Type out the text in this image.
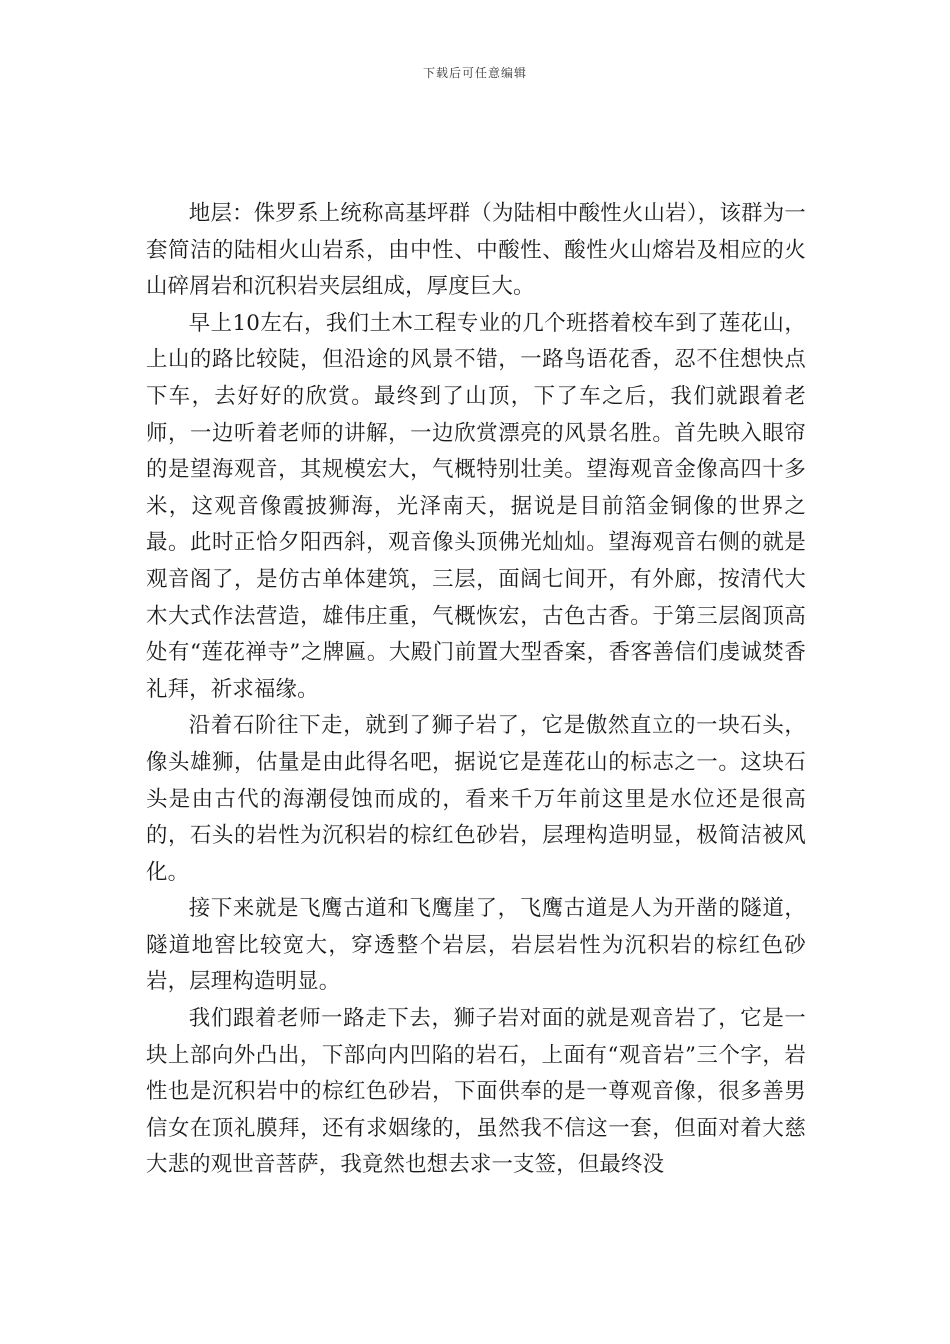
下载后可任意编辑

地层：侏罗系上统称高基坪群（为陆相中酸性火山岩），该群为一套简洁的陆相火山岩系，由中性、中酸性、酸性火山熔岩及相应的火山碎屑岩和沉积岩夹层组成，厚度巨大。

早上10左右，我们土木工程专业的几个班搭着校车到了莲花山，上山的路比较陡，但沿途的风景不错，一路鸟语花香，忍不住想快点下车，去好好的欣赏。最终到了山顶，下了车之后，我们就跟着老师，一边听着老师的讲解，一边欣赏漂亮的风景名胜。首先映入眼帘的是望海观音，其规模宏大，气概特别壮美。望海观音金像高四十多米，这观音像霞披狮海，光泽南天，据说是目前箔金铜像的世界之最。此时正恰夕阳西斜，观音像头顶佛光灿灿。望海观音右侧的就是观音阁了，是仿古单体建筑，三层，面阔七间开，有外廊，按清代大木大式作法营造，雄伟庄重，气概恢宏，古色古香。于第三层阁顶高处有“莲花禅寺”之牌匾。大殿门前置大型香案，香客善信们虔诚焚香礼拜，祈求福缘。

沿着石阶往下走，就到了狮子岩了，它是傲然直立的一块石头，像头雄狮，估量是由此得名吧，据说它是莲花山的标志之一。这块石头是由古代的海潮侵蚀而成的，看来千万年前这里是水位还是很高的，石头的岩性为沉积岩的棕红色砂岩，层理构造明显，极简洁被风化。

接下来就是飞鹰古道和飞鹰崖了，飞鹰古道是人为开凿的隧道，隧道地窖比较宽大，穿透整个岩层，岩层岩性为沉积岩的棕红色砂岩，层理构造明显。

我们跟着老师一路走下去，狮子岩对面的就是观音岩了，它是一块上部向外凸出，下部向内凹陷的岩石，上面有“观音岩”三个字，岩性也是沉积岩中的棕红色砂岩，下面供奉的是一尊观音像，很多善男信女在顶礼膜拜，还有求姻缘的，虽然我不信这一套，但面对着大慈大悲的观世音菩萨，我竟然也想去求一支签，但最终没
